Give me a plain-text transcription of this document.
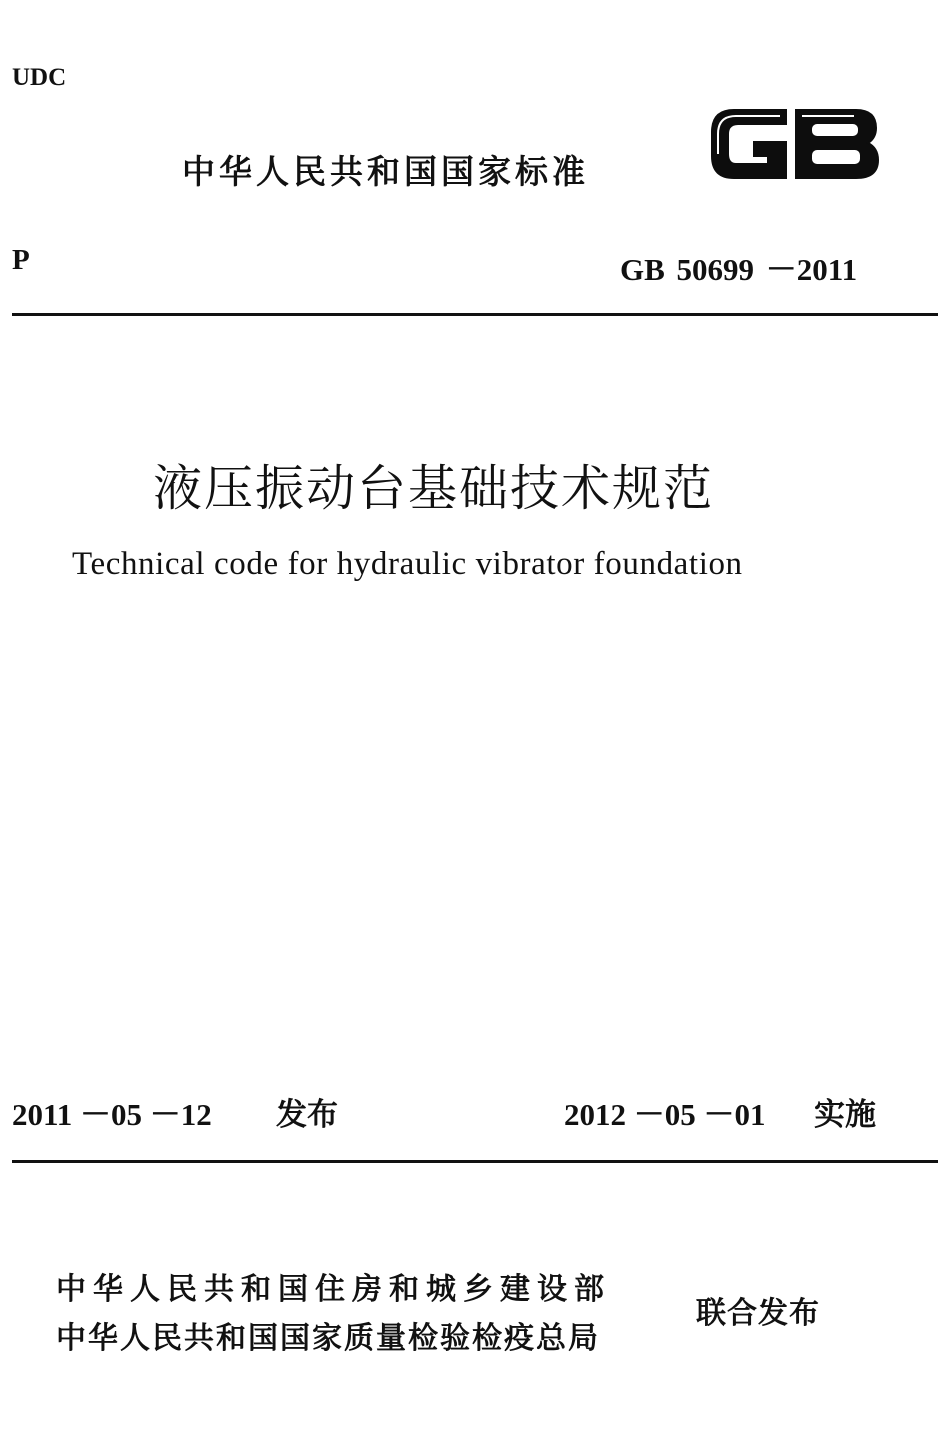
UDC
中华人民共和国国家标准
P	GB 50699 －2011
液压振动台基础技术规范
Technical code for hydraulic vibrator foundation
2011 －05 －12 发布	2012 －05 －01 实施
中华人民共和国住房和城乡建设部
中华人民共和国国家质量检验检疫总局
联合发布
